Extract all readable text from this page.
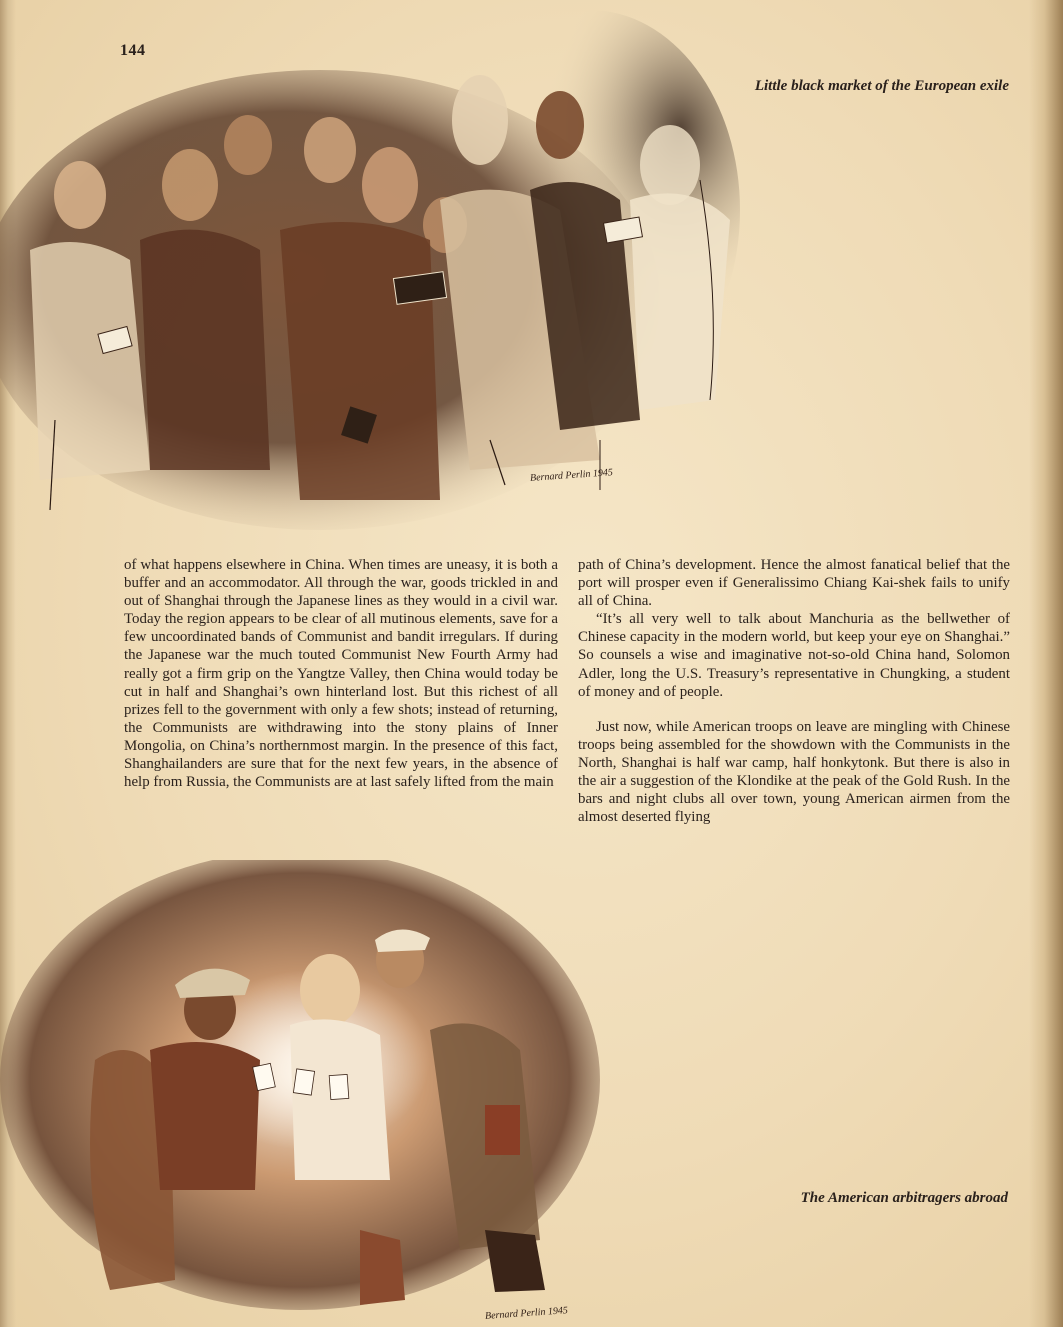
Bernard Perlin 1945
144
Little black market of the European exile

of what happens elsewhere in China. When times are uneasy, it is both a buffer and an accommodator. All through the war, goods trickled in and out of Shanghai through the Japanese lines as they would in a civil war. Today the region appears to be clear of all mutinous elements, save for a few uncoordinated bands of Communist and bandit irregulars. If during the Japanese war the much touted Communist New Fourth Army had really got a firm grip on the Yangtze Valley, then China would today be cut in half and Shanghai’s own hinterland lost. But this richest of all prizes fell to the government with only a few shots; instead of returning, the Communists are withdrawing into the stony plains of Inner Mongolia, on China’s northernmost margin. In the presence of this fact, Shanghailanders are sure that for the next few years, in the absence of help from Russia, the Communists are at last safely lifted from the main

path of China’s development. Hence the almost fanatical belief that the port will prosper even if Generalissimo Chiang Kai-shek fails to unify all of China.

“It’s all very well to talk about Manchuria as the bellwether of Chinese capacity in the modern world, but keep your eye on Shanghai.” So counsels a wise and imaginative not-so-old China hand, Solomon Adler, long the U.S. Treasury’s representative in Chungking, a student of money and of people.

Just now, while American troops on leave are mingling with Chinese troops being assembled for the showdown with the Communists in the North, Shanghai is half war camp, half honkytonk. But there is also in the air a suggestion of the Klondike at the peak of the Gold Rush. In the bars and night clubs all over town, young American airmen from the almost deserted flying

Bernard Perlin 1945
The American arbitragers abroad
